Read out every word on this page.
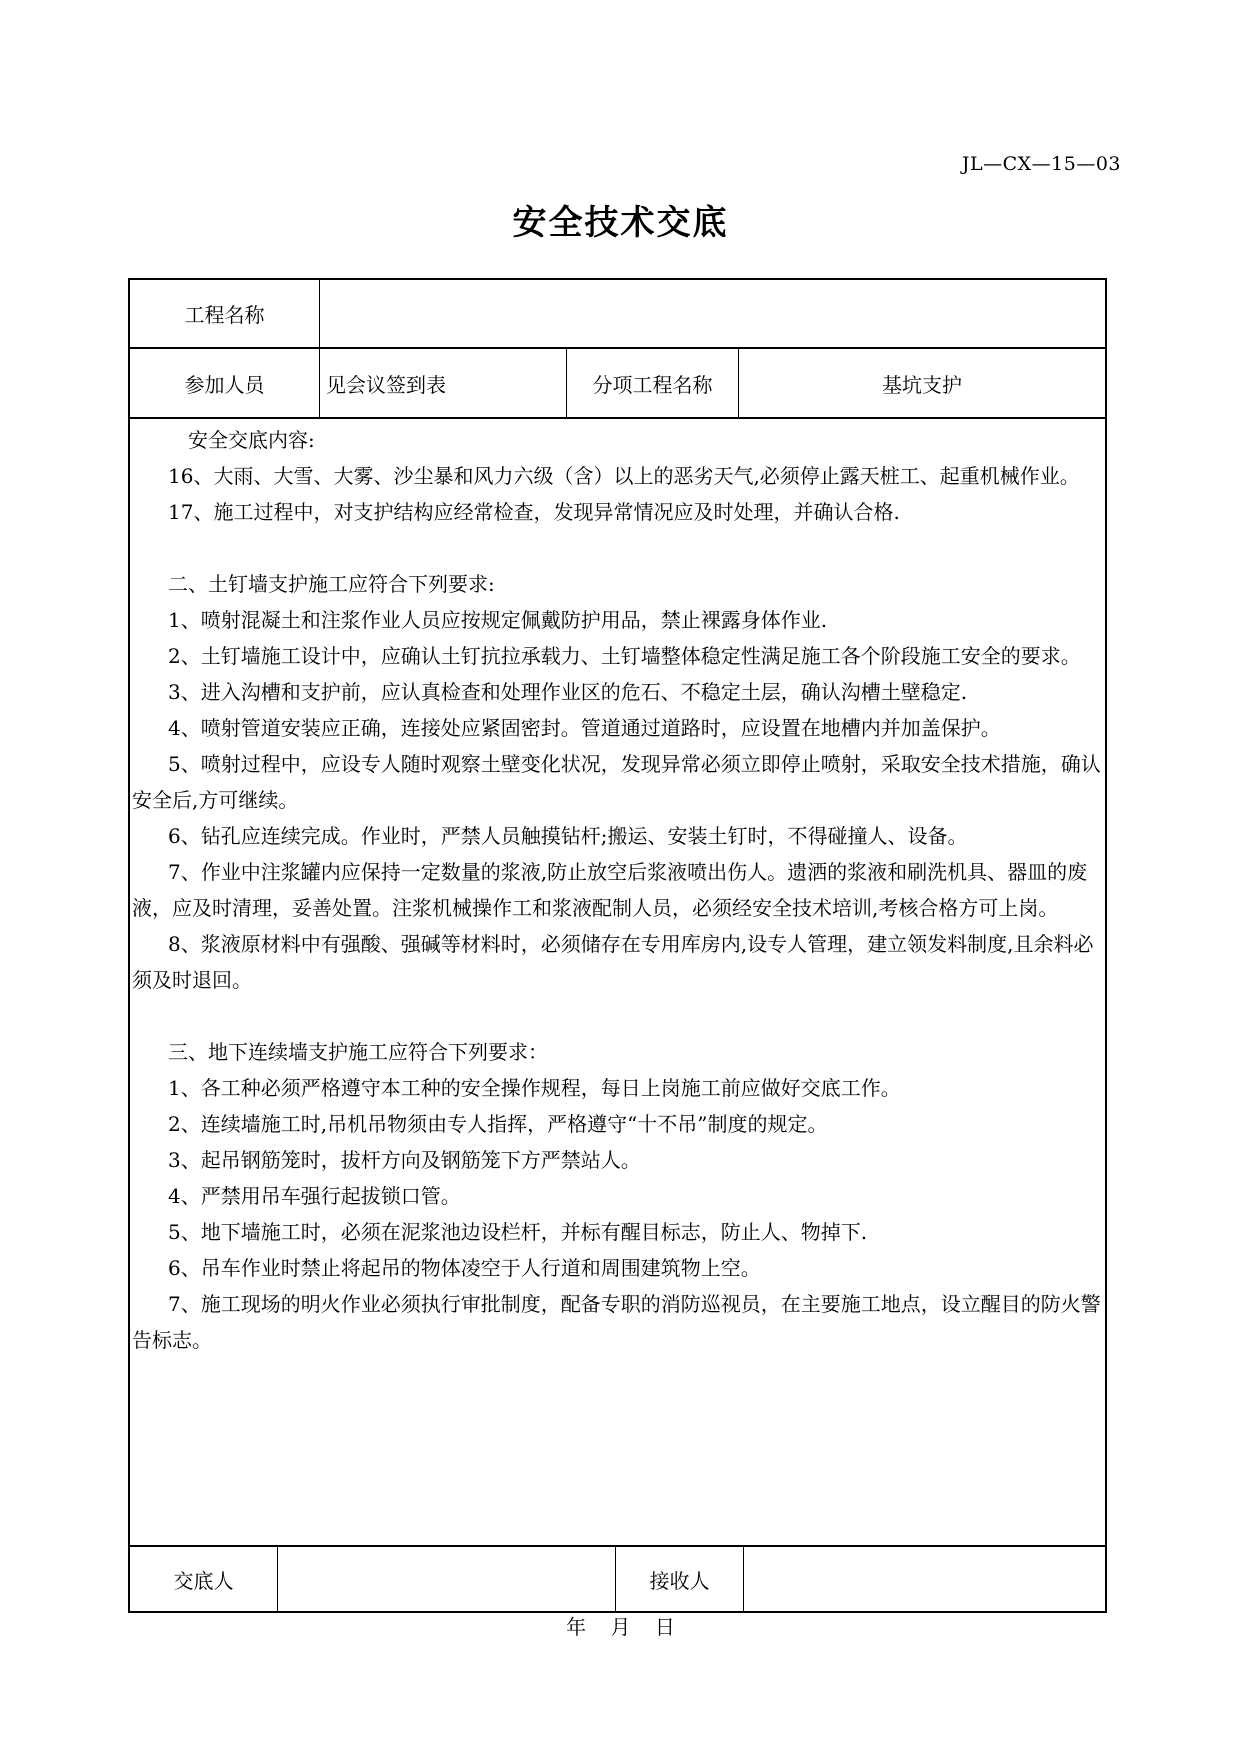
JL—CX—15—03
安全技术交底
工程名称
参加人员	见会议签到表	分项工程名称	基坑支护

安全交底内容:

16、大雨、大雪、大雾、沙尘暴和风力六级（含）以上的恶劣天气,必须停止露天桩工、起重机械作业。

17、施工过程中，对支护结构应经常检查，发现异常情况应及时处理，并确认合格.

二、土钉墙支护施工应符合下列要求:

1、喷射混凝土和注浆作业人员应按规定佩戴防护用品，禁止裸露身体作业.

2、土钉墙施工设计中，应确认土钉抗拉承载力、土钉墙整体稳定性满足施工各个阶段施工安全的要求。

3、进入沟槽和支护前，应认真检查和处理作业区的危石、不稳定土层，确认沟槽土壁稳定.

4、喷射管道安装应正确，连接处应紧固密封。管道通过道路时，应设置在地槽内并加盖保护。

5、喷射过程中，应设专人随时观察土壁变化状况，发现异常必须立即停止喷射，采取安全技术措施，确认安全后,方可继续。

6、钻孔应连续完成。作业时，严禁人员触摸钻杆;搬运、安装土钉时，不得碰撞人、设备。

7、作业中注浆罐内应保持一定数量的浆液,防止放空后浆液喷出伤人。遗洒的浆液和刷洗机具、器皿的废液，应及时清理，妥善处置。注浆机械操作工和浆液配制人员，必须经安全技术培训,考核合格方可上岗。

8、浆液原材料中有强酸、强碱等材料时，必须储存在专用库房内,设专人管理，建立领发料制度,且余料必须及时退回。

三、地下连续墙支护施工应符合下列要求：

1、各工种必须严格遵守本工种的安全操作规程，每日上岗施工前应做好交底工作。

2、连续墙施工时,吊机吊物须由专人指挥，严格遵守“十不吊”制度的规定。

3、起吊钢筋笼时，拔杆方向及钢筋笼下方严禁站人。

4、严禁用吊车强行起拔锁口管。

5、地下墙施工时，必须在泥浆池边设栏杆，并标有醒目标志，防止人、物掉下.

6、吊车作业时禁止将起吊的物体凌空于人行道和周围建筑物上空。

7、施工现场的明火作业必须执行审批制度，配备专职的消防巡视员，在主要施工地点，设立醒目的防火警告标志。

交底人	接收人
年 月 日
